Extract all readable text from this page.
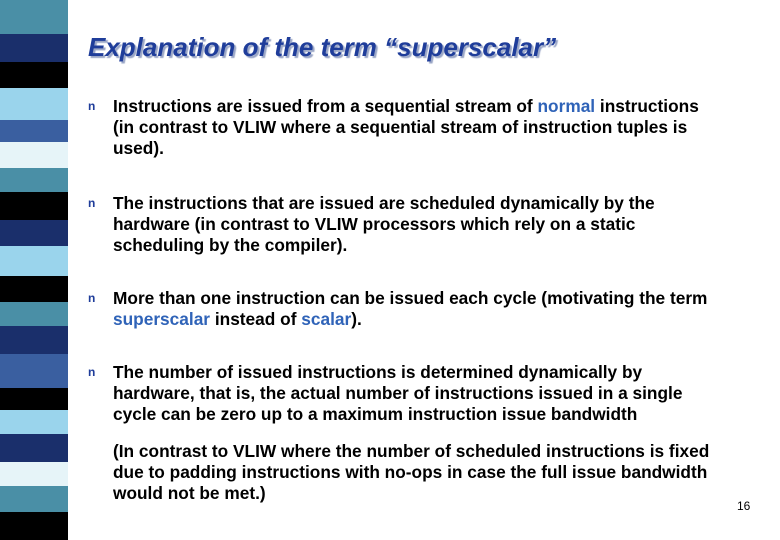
Explanation of the term “superscalar”
n Instructions are issued from a sequential stream of normal instructions (in contrast to VLIW where a sequential stream of instruction tuples is used).
n The instructions that are issued are scheduled dynamically by the hardware (in contrast to VLIW processors which rely on a static scheduling by the compiler).
n More than one instruction can be issued each cycle (motivating the term superscalar instead of scalar).
n The number of issued instructions is determined dynamically by hardware, that is, the actual number of instructions issued in a single cycle can be zero up to a maximum instruction issue bandwidth
(In contrast to VLIW where the number of scheduled instructions is fixed due to padding instructions with no-ops in case the full issue bandwidth would not be met.)
16
